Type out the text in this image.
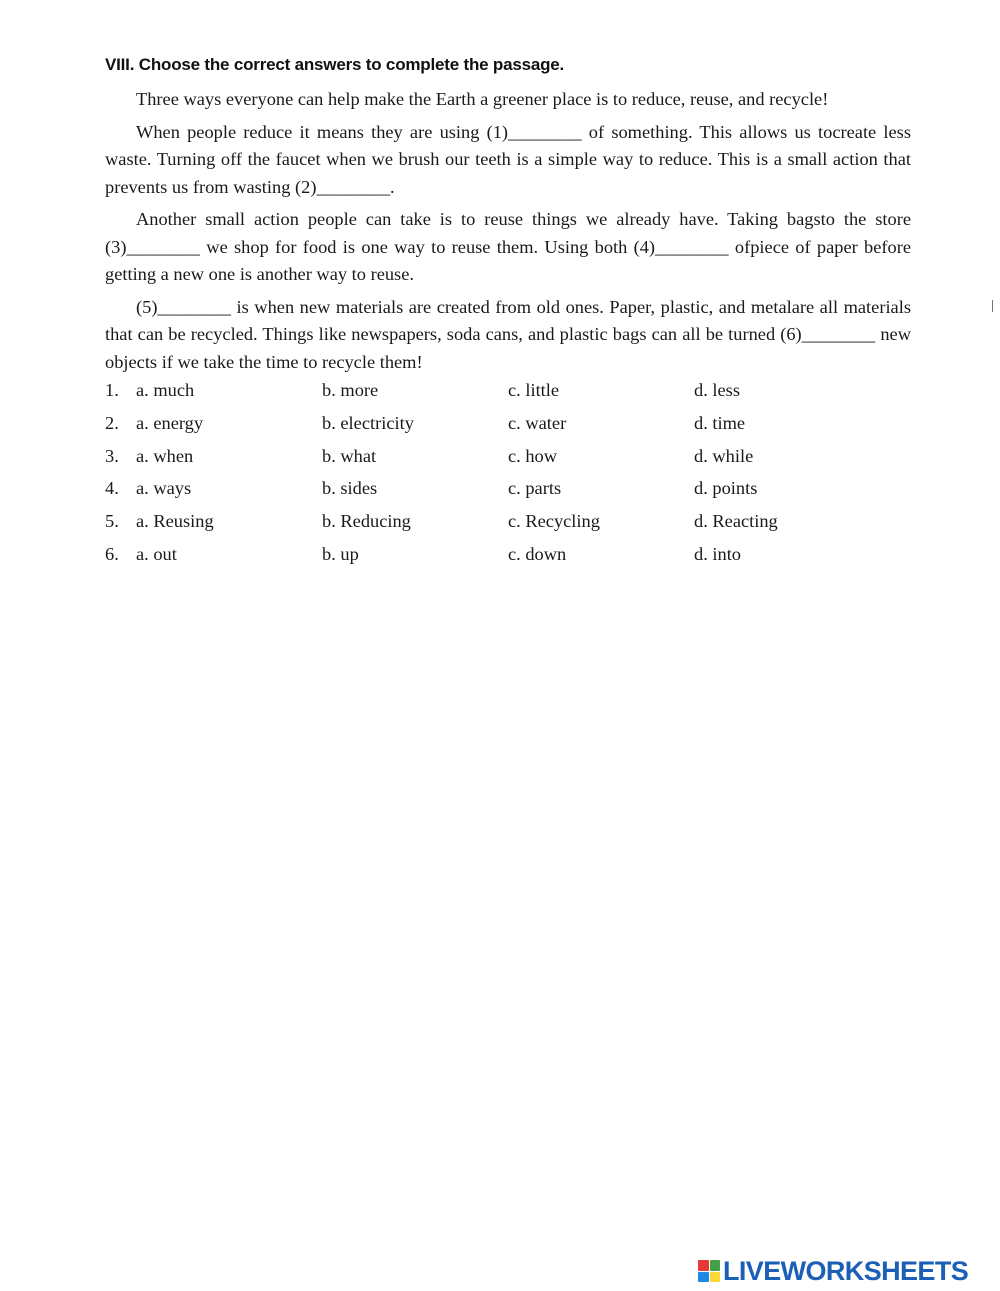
VIII. Choose the correct answers to complete the passage.

Three ways everyone can help make the Earth a greener place is to reduce, reuse, and recycle!

When people reduce it means they are using (1)________ of something. This allows us tocreate less waste. Turning off the faucet when we brush our teeth is a simple way to reduce. This is a small action that prevents us from wasting (2)________.

Another small action people can take is to reuse things we already have. Taking bagsto the store (3)________ we shop for food is one way to reuse them. Using both (4)________ ofpiece of paper before getting a new one is another way to reuse.

(5)________ is when new materials are created from old ones. Paper, plastic, and metalare all materials that can be recycled. Things like newspapers, soda cans, and plastic bags can all be turned (6)________ new objects if we take the time to recycle them!

1. a. much	b. more	c. little	d. less
2. a. energy	b. electricity	c. water	d. time
3. a. when	b. what	c. how	d. while
4. a. ways	b. sides	c. parts	d. points
5. a. Reusing	b. Reducing	c. Recycling	d. Reacting
6. a. out	b. up	c. down	d. into
LIVEWORKSHEETS
